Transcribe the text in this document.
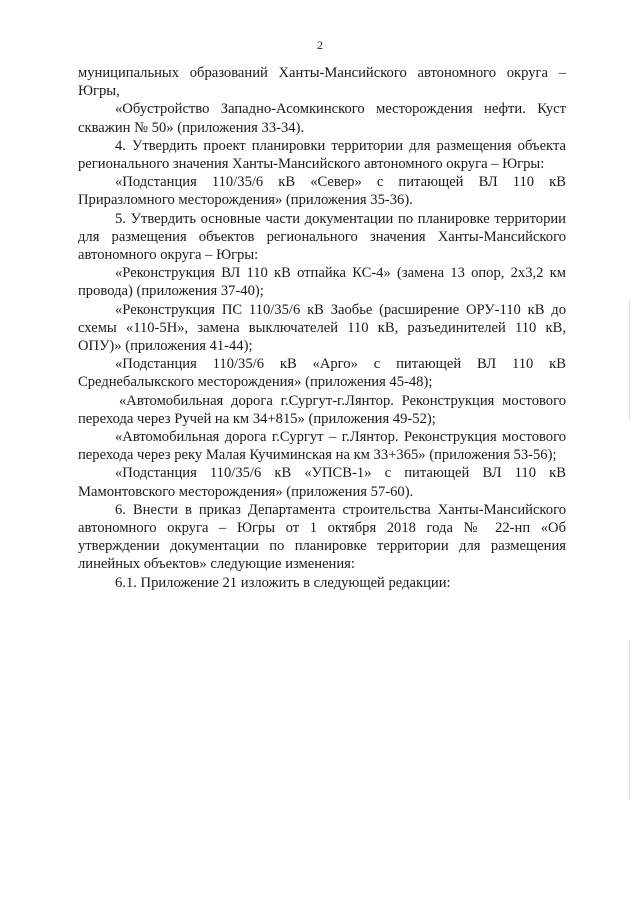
2

муниципальных образований Ханты-Мансийского автономного округа – Югры,

«Обустройство Западно-Асомкинского месторождения нефти. Куст скважин № 50» (приложения 33-34).

4. Утвердить проект планировки территории для размещения объекта регионального значения Ханты-Мансийского автономного округа – Югры:

«Подстанция 110/35/6 кВ «Север» с питающей ВЛ 110 кВ Приразломного месторождения» (приложения 35-36).

5. Утвердить основные части документации по планировке территории для размещения объектов регионального значения Ханты-Мансийского автономного округа – Югры:

«Реконструкция ВЛ 110 кВ отпайка КС-4» (замена 13 опор, 2х3,2 км провода) (приложения 37-40);

«Реконструкция ПС 110/35/6 кВ Заобье (расширение ОРУ-110 кВ до схемы «110-5Н», замена выключателей 110 кВ, разъединителей 110 кВ, ОПУ)» (приложения 41-44);

«Подстанция 110/35/6 кВ «Арго» с питающей ВЛ 110 кВ Среднебалыкского месторождения» (приложения 45-48);

«Автомобильная дорога г.Сургут-г.Лянтор. Реконструкция мостового перехода через Ручей на км 34+815» (приложения 49-52);

«Автомобильная дорога г.Сургут – г.Лянтор. Реконструкция мостового перехода через реку Малая Кучиминская на км 33+365» (приложения 53-56);

«Подстанция 110/35/6 кВ «УПСВ-1» с питающей ВЛ 110 кВ Мамонтовского месторождения» (приложения 57-60).

6. Внести в приказ Департамента строительства Ханты-Мансийского автономного округа – Югры от 1 октября 2018 года № 22-нп «Об утверждении документации по планировке территории для размещения линейных объектов» следующие изменения:

6.1. Приложение 21 изложить в следующей редакции:
